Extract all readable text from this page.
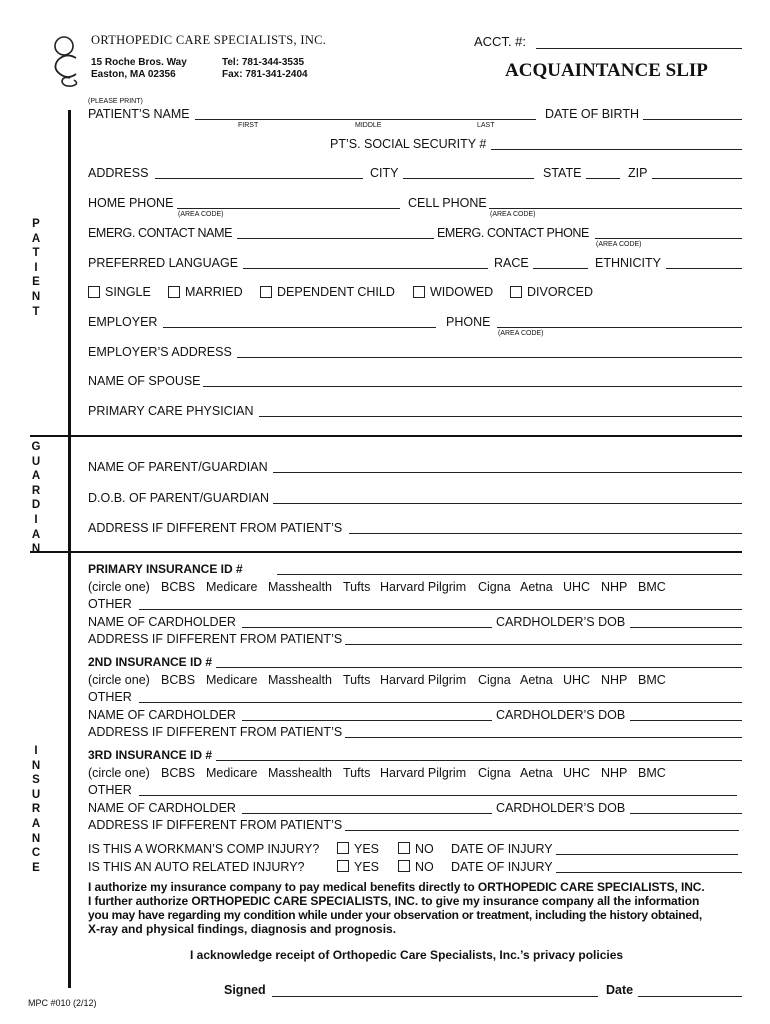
ORTHOPEDIC CARE SPECIALISTS, INC.
15 Roche Bros. Way
Easton, MA 02356
Tel: 781-344-3535
Fax: 781-341-2404
ACCT. #:
ACQUAINTANCE SLIP
P
A
T
I
E
N
T
G
U
A
R
D
I
A
N
I
N
S
U
R
A
N
C
E
(PLEASE PRINT)
PATIENT’S NAME
FIRST	MIDDLE	LAST
DATE OF BIRTH
PT’S. SOCIAL SECURITY #
ADDRESS	CITY	STATE	ZIP
HOME PHONE
(AREA CODE)
CELL PHONE
(AREA CODE)
EMERG. CONTACT NAME	EMERG. CONTACT PHONE
(AREA CODE)
PREFERRED LANGUAGE	RACE	ETHNICITY
SINGLE	MARRIED	DEPENDENT CHILD	WIDOWED	DIVORCED
EMPLOYER	PHONE
(AREA CODE)
EMPLOYER’S ADDRESS
NAME OF SPOUSE
PRIMARY CARE PHYSICIAN
NAME OF PARENT/GUARDIAN
D.O.B. OF PARENT/GUARDIAN
ADDRESS IF DIFFERENT FROM PATIENT’S
PRIMARY INSURANCE ID #
(circle one) BCBS Medicare Masshealth Tufts Harvard Pilgrim Cigna Aetna UHC NHP BMC
OTHER
NAME OF CARDHOLDER	CARDHOLDER’S DOB
ADDRESS IF DIFFERENT FROM PATIENT’S
2ND INSURANCE ID #
(circle one) BCBS Medicare Masshealth Tufts Harvard Pilgrim Cigna Aetna UHC NHP BMC
OTHER
NAME OF CARDHOLDER	CARDHOLDER’S DOB
ADDRESS IF DIFFERENT FROM PATIENT’S
3RD INSURANCE ID #
(circle one) BCBS Medicare Masshealth Tufts Harvard Pilgrim Cigna Aetna UHC NHP BMC
OTHER
NAME OF CARDHOLDER	CARDHOLDER’S DOB
ADDRESS IF DIFFERENT FROM PATIENT’S
IS THIS A WORKMAN’S COMP INJURY?	YES	NO DATE OF INJURY
IS THIS AN AUTO RELATED INJURY?	YES	NO DATE OF INJURY
I authorize my insurance company to pay medical benefits directly to ORTHOPEDIC CARE SPECIALISTS, INC.
I further authorize ORTHOPEDIC CARE SPECIALISTS, INC. to give my insurance company all the information
you may have regarding my condition while under your observation or treatment, including the history obtained,
X-ray and physical findings, diagnosis and prognosis.
I acknowledge receipt of Orthopedic Care Specialists, Inc.’s privacy policies
Signed	Date
MPC #010 (2/12)
